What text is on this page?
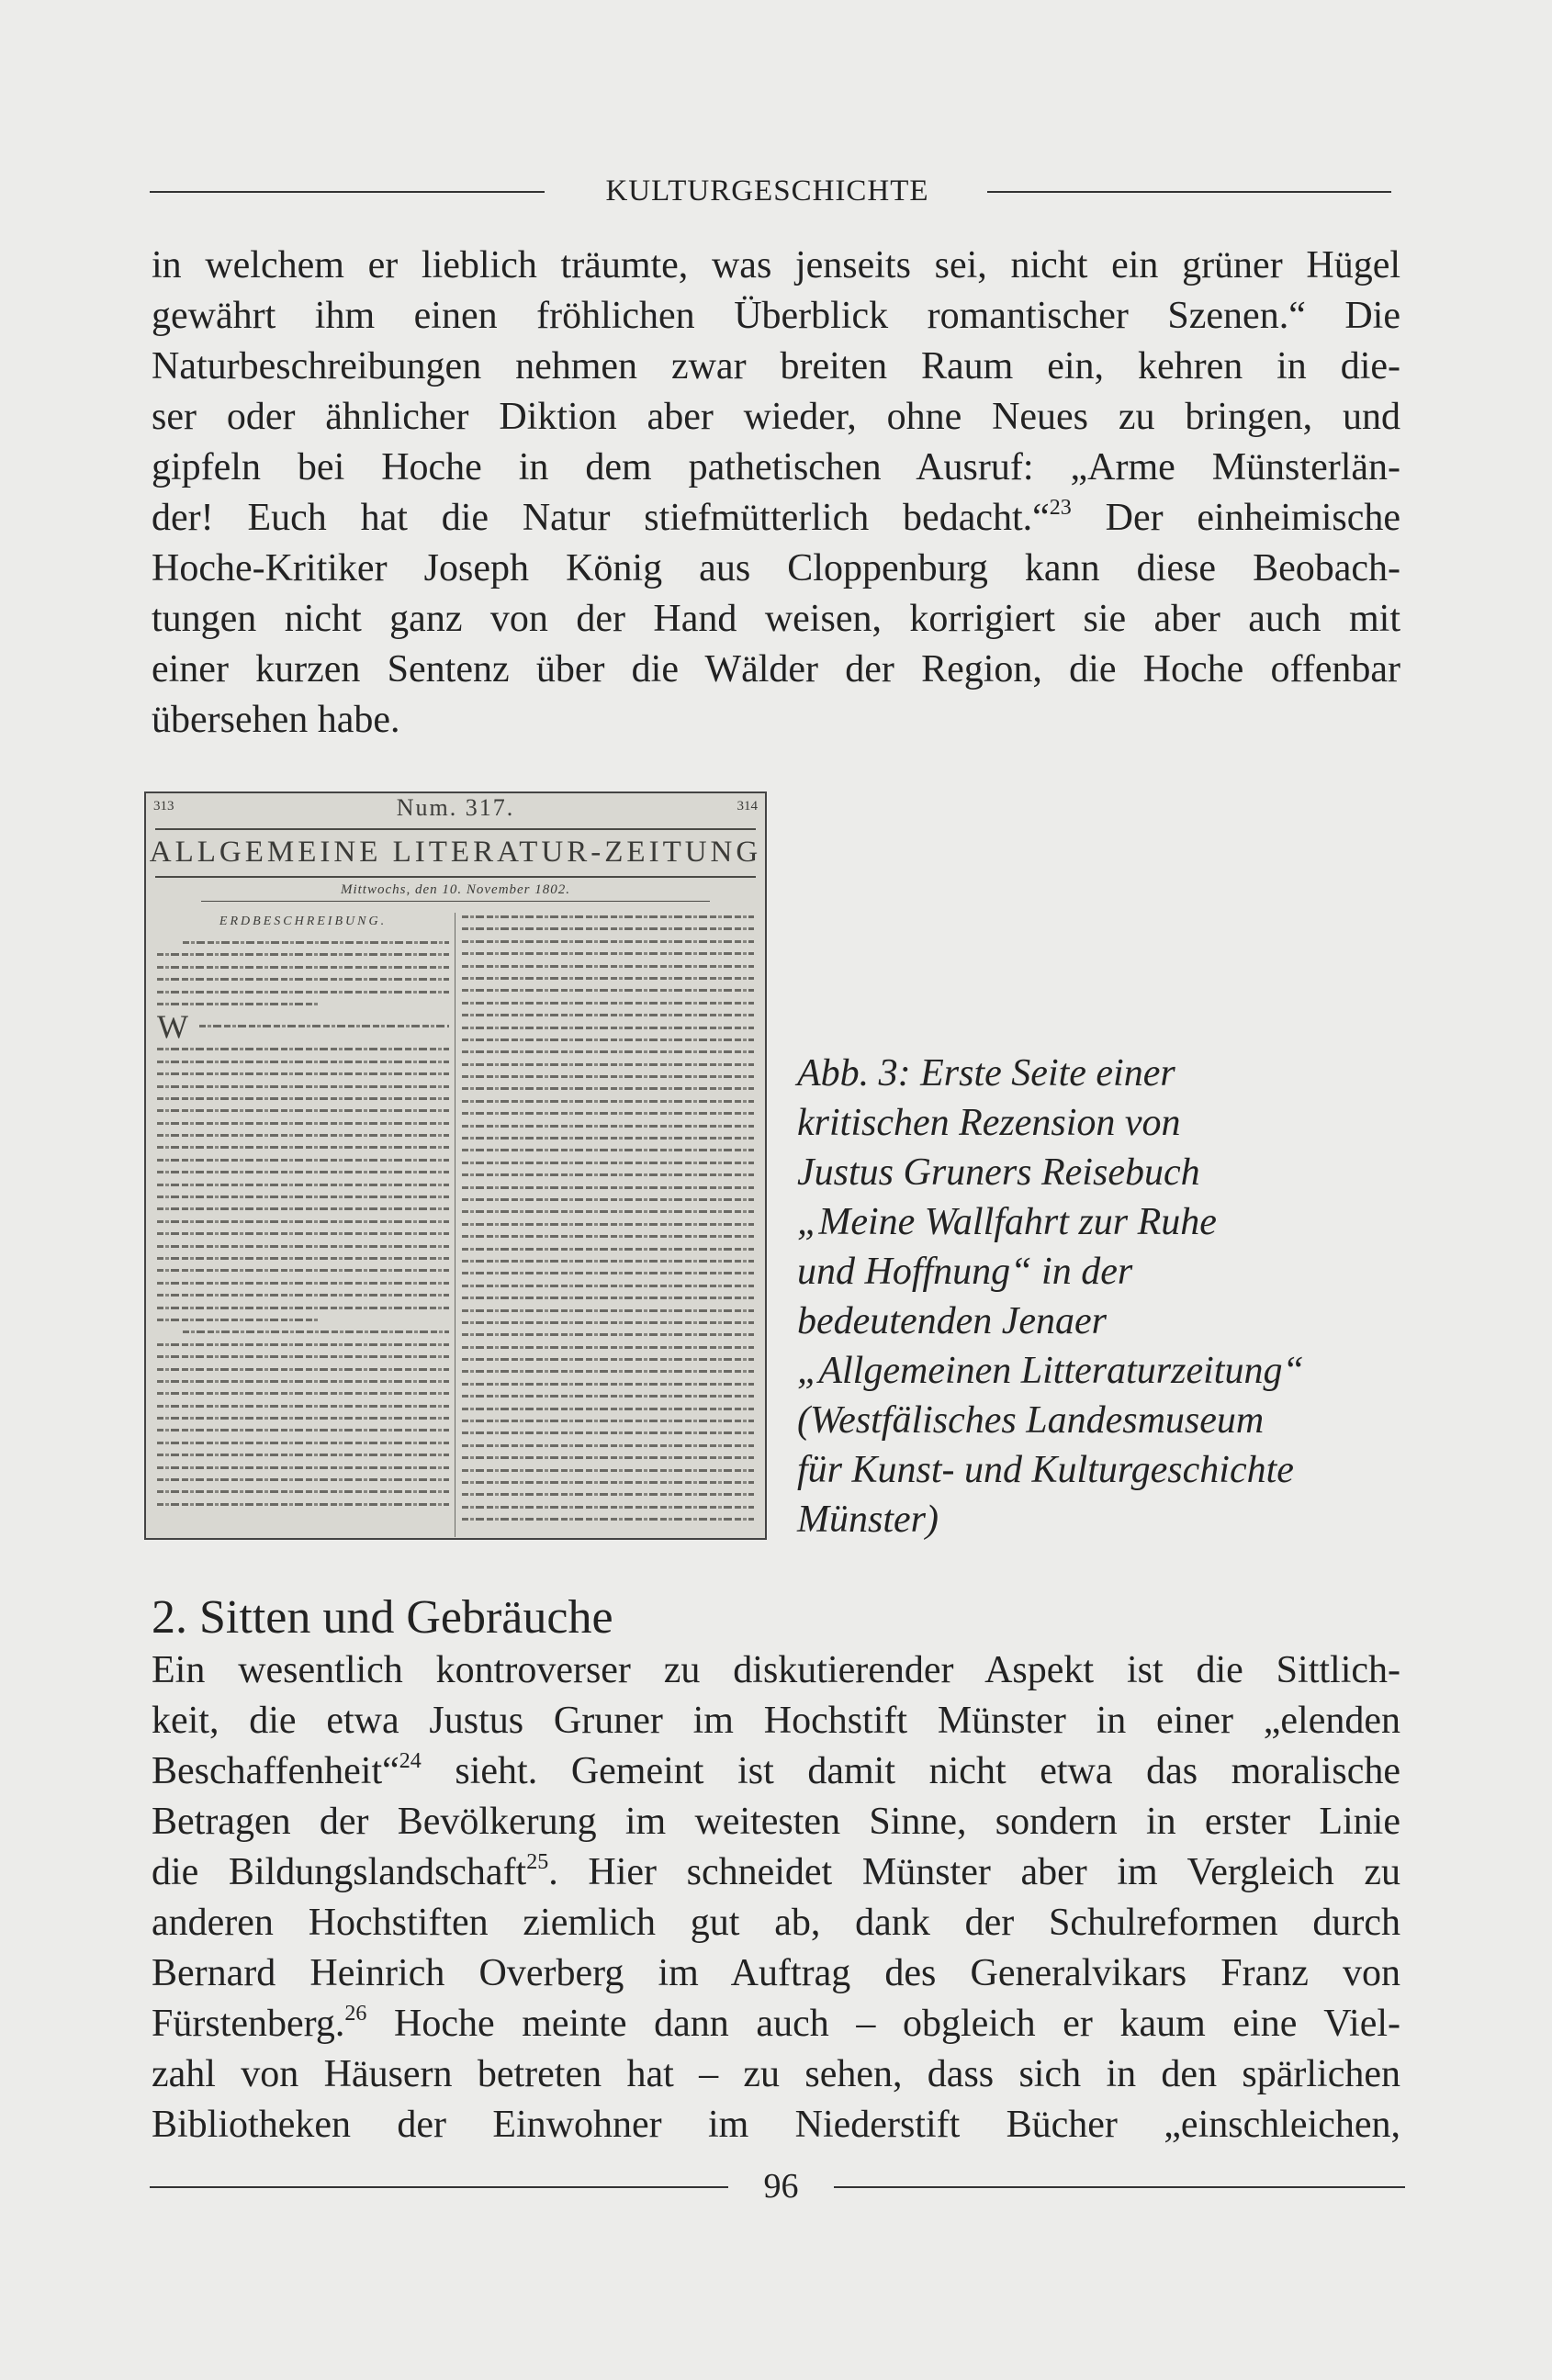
KULTURGESCHICHTE
in welchem er lieblich träumte, was jenseits sei, nicht ein grüner Hügel
gewährt ihm einen fröhlichen Überblick romantischer Szenen.“ Die
Naturbeschreibungen nehmen zwar breiten Raum ein, kehren in die-
ser oder ähnlicher Diktion aber wieder, ohne Neues zu bringen, und
gipfeln bei Hoche in dem pathetischen Ausruf: „Arme Münsterlän-
der! Euch hat die Natur stiefmütterlich bedacht.“$^{23}$ Der einheimische
Hoche-Kritiker Joseph König aus Cloppenburg kann diese Beobach-
tungen nicht ganz von der Hand weisen, korrigiert sie aber auch mit
einer kurzen Sentenz über die Wälder der Region, die Hoche offenbar
übersehen habe.
313	Num. 317.	314
ALLGEMEINE LITERATUR-ZEITUNG
Mittwochs, den 10. November 1802.
ERDBESCHREIBUNG.
W
Abb. 3: Erste Seite einer
kritischen Rezension von
Justus Gruners Reisebuch
„Meine Wallfahrt zur Ruhe
und Hoffnung“ in der
bedeutenden Jenaer
„Allgemeinen Litteraturzeitung“
(Westfälisches Landesmuseum
für Kunst- und Kulturgeschichte
Münster)
2. Sitten und Gebräuche
Ein wesentlich kontroverser zu diskutierender Aspekt ist die Sittlich-
keit, die etwa Justus Gruner im Hochstift Münster in einer „elenden
Beschaffenheit“$^{24}$ sieht. Gemeint ist damit nicht etwa das moralische
Betragen der Bevölkerung im weitesten Sinne, sondern in erster Linie
die Bildungslandschaft$^{25}$. Hier schneidet Münster aber im Vergleich zu
anderen Hochstiften ziemlich gut ab, dank der Schulreformen durch
Bernard Heinrich Overberg im Auftrag des Generalvikars Franz von
Fürstenberg.$^{26}$ Hoche meinte dann auch – obgleich er kaum eine Viel-
zahl von Häusern betreten hat – zu sehen, dass sich in den spärlichen
Bibliotheken der Einwohner im Niederstift Bücher „einschleichen,
96
